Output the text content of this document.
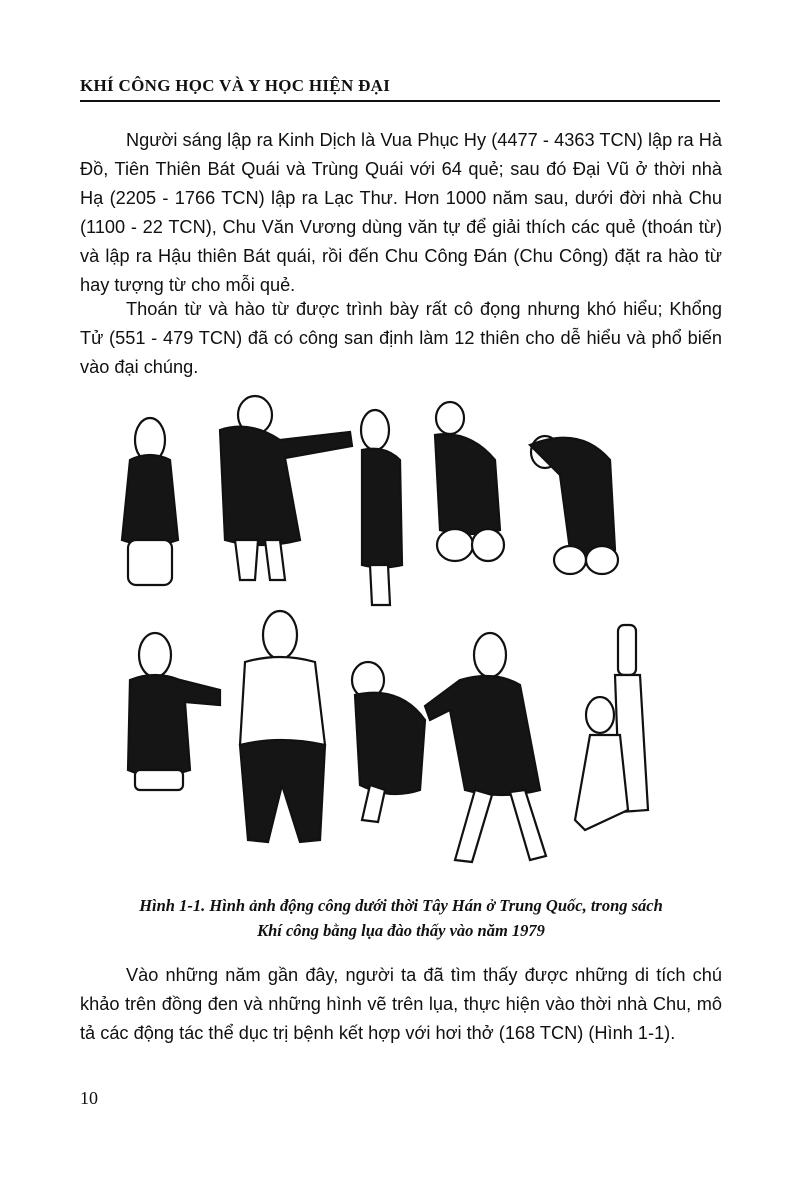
KHÍ CÔNG HỌC VÀ Y HỌC HIỆN ĐẠI

Người sáng lập ra Kinh Dịch là Vua Phục Hy (4477 - 4363 TCN) lập ra Hà Đồ, Tiên Thiên Bát Quái và Trùng Quái với 64 quẻ; sau đó Đại Vũ ở thời nhà Hạ (2205 - 1766 TCN) lập ra Lạc Thư. Hơn 1000 năm sau, dưới đời nhà Chu (1100 - 22 TCN), Chu Văn Vương dùng văn tự để giải thích các quẻ (thoán từ) và lập ra Hậu thiên Bát quái, rồi đến Chu Công Đán (Chu Công) đặt ra hào từ hay tượng từ cho mỗi quẻ.

Thoán từ và hào từ được trình bày rất cô đọng nhưng khó hiểu; Khổng Tử (551 - 479 TCN) đã có công san định làm 12 thiên cho dễ hiểu và phổ biến vào đại chúng.

Hình 1-1. Hình ảnh động công dưới thời Tây Hán ở Trung Quốc, trong sách
Khí công bằng lụa đào thấy vào năm 1979

Vào những năm gần đây, người ta đã tìm thấy được những di tích chú khảo trên đồng đen và những hình vẽ trên lụa, thực hiện vào thời nhà Chu, mô tả các động tác thể dục trị bệnh kết hợp với hơi thở (168 TCN) (Hình 1-1).

10
